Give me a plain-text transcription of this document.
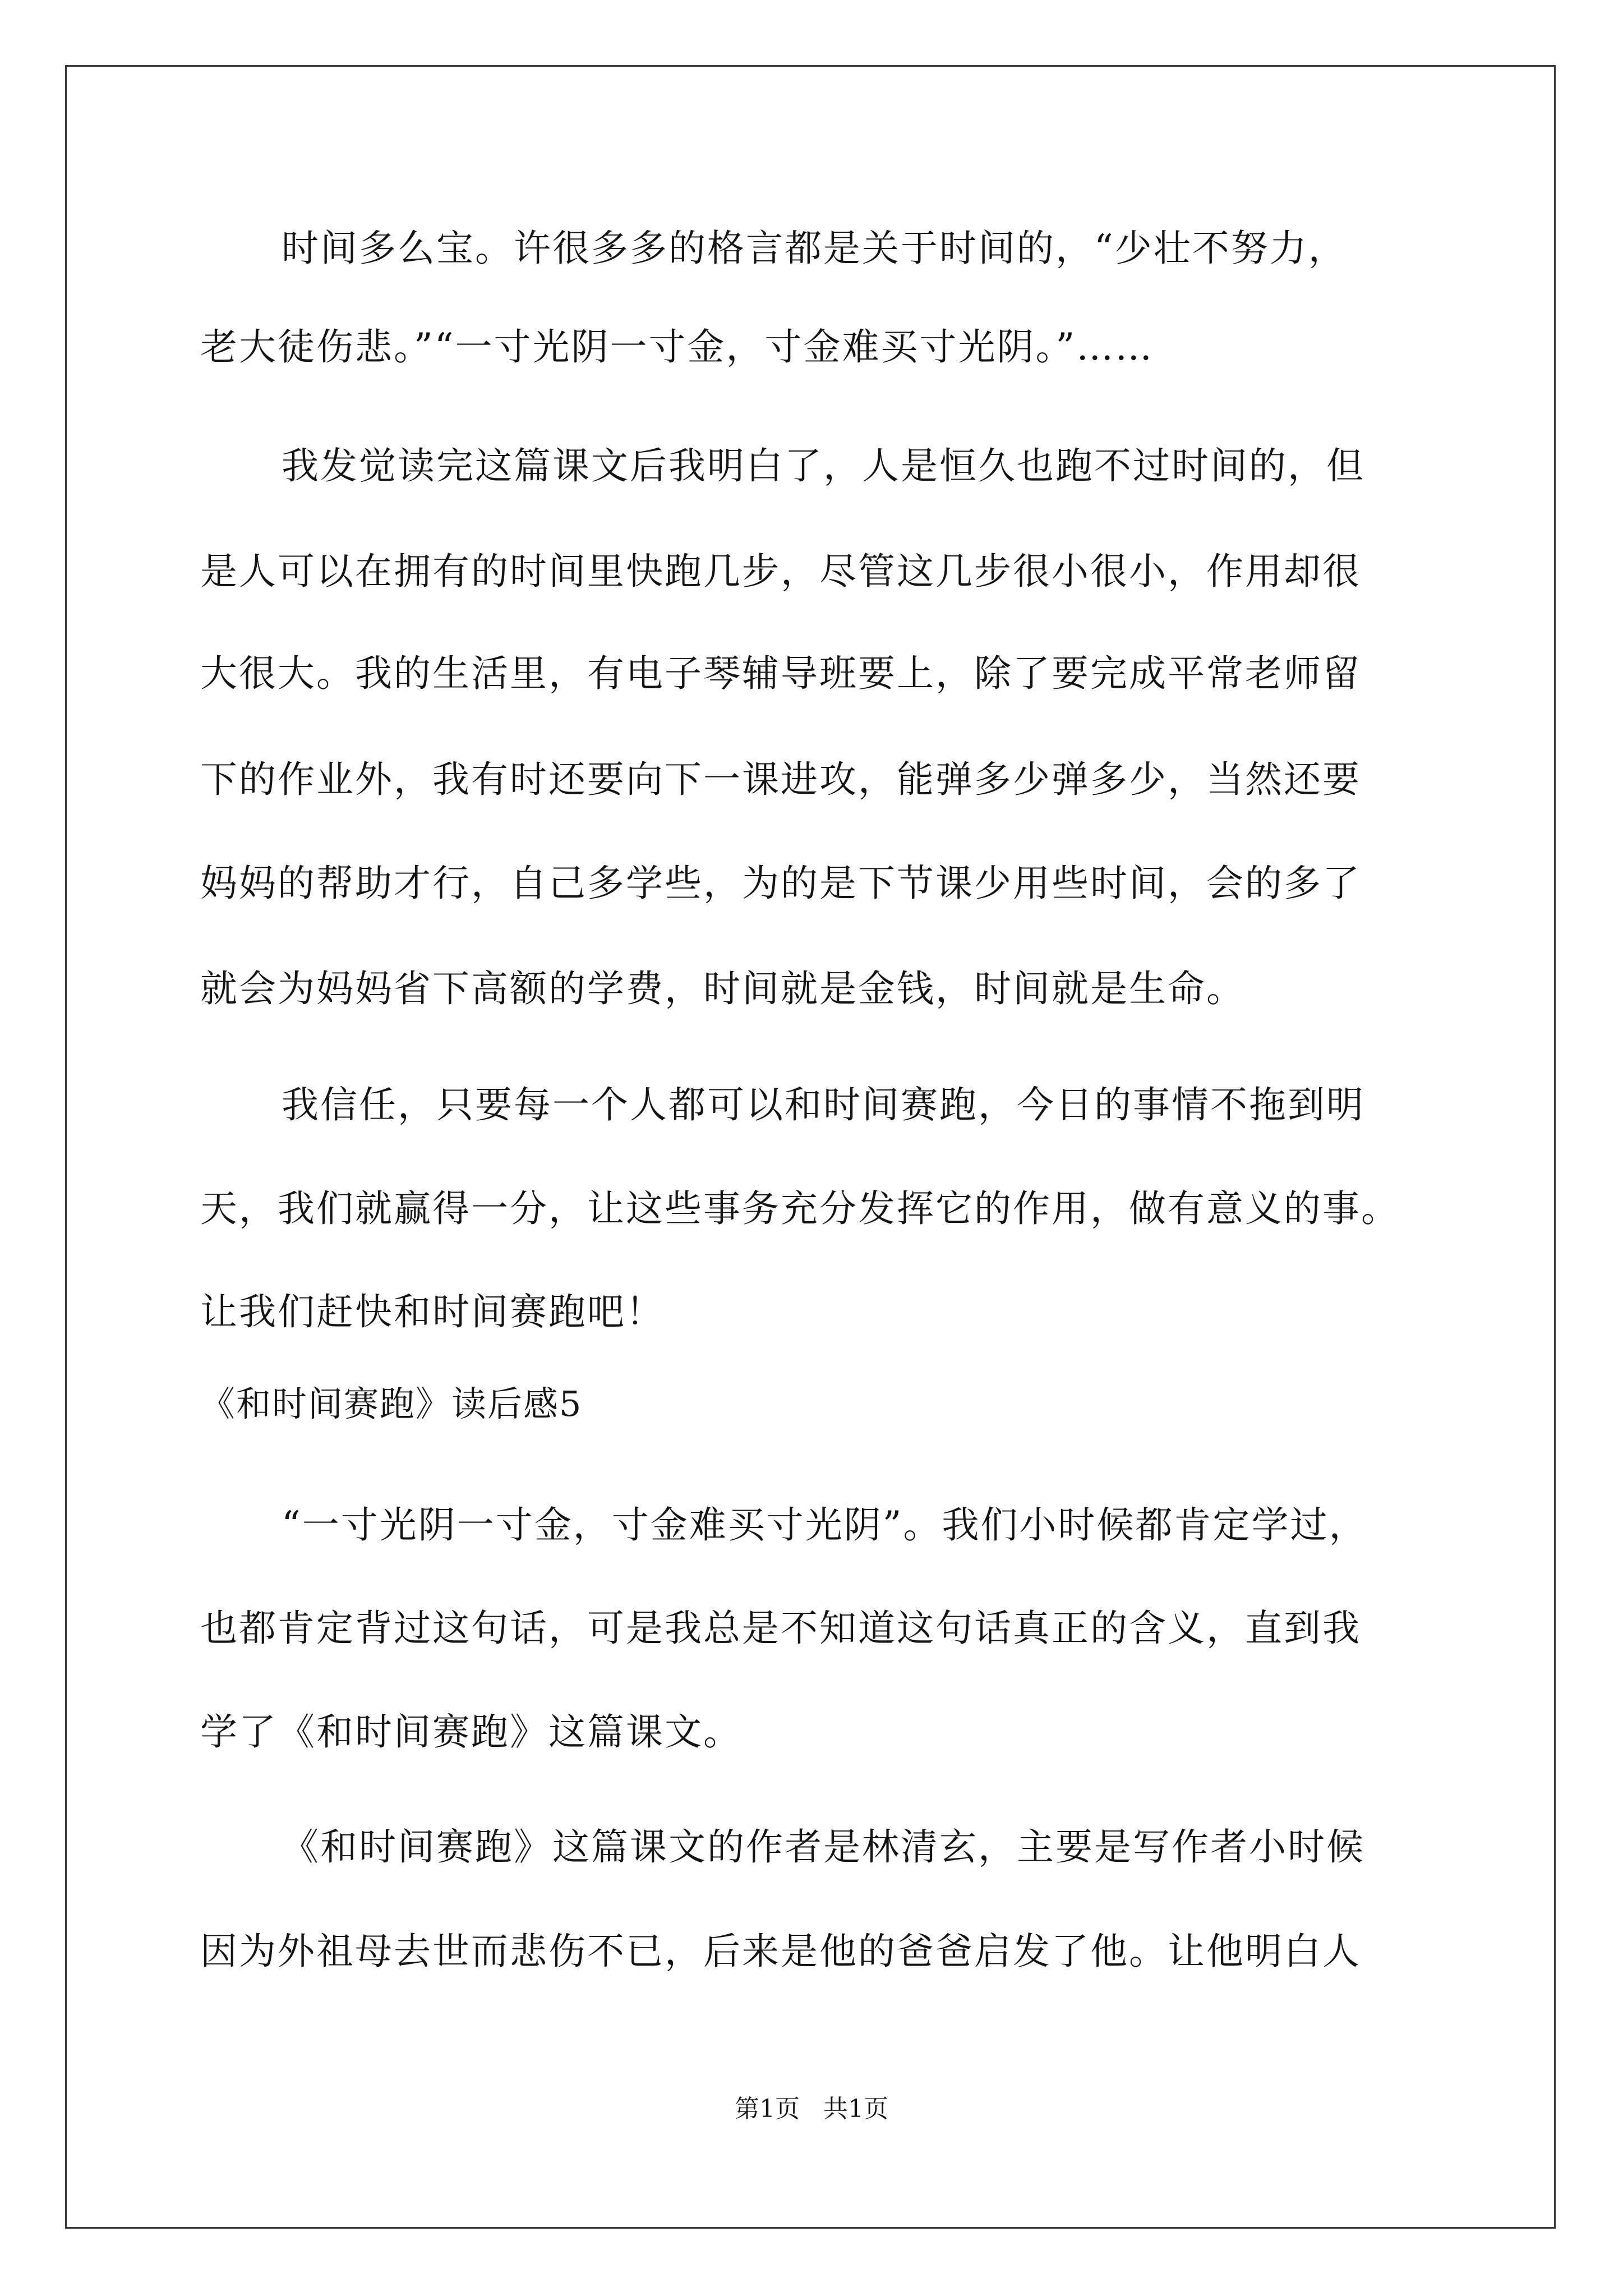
时间多么宝。许很多多的格言都是关于时间的，“少壮不努力，
老大徒伤悲。”“一寸光阴一寸金，寸金难买寸光阴。”……
我发觉读完这篇课文后我明白了，人是恒久也跑不过时间的，但
是人可以在拥有的时间里快跑几步，尽管这几步很小很小，作用却很
大很大。我的生活里，有电子琴辅导班要上，除了要完成平常老师留
下的作业外，我有时还要向下一课进攻，能弹多少弹多少，当然还要
妈妈的帮助才行，自己多学些，为的是下节课少用些时间，会的多了
就会为妈妈省下高额的学费，时间就是金钱，时间就是生命。
我信任，只要每一个人都可以和时间赛跑，今日的事情不拖到明
天，我们就赢得一分，让这些事务充分发挥它的作用，做有意义的事。
让我们赶快和时间赛跑吧！
《和时间赛跑》读后感5
“一寸光阴一寸金，寸金难买寸光阴”。我们小时候都肯定学过，
也都肯定背过这句话，可是我总是不知道这句话真正的含义，直到我
学了《和时间赛跑》这篇课文。
《和时间赛跑》这篇课文的作者是林清玄，主要是写作者小时候
因为外祖母去世而悲伤不已，后来是他的爸爸启发了他。让他明白人
第1页   共1页
